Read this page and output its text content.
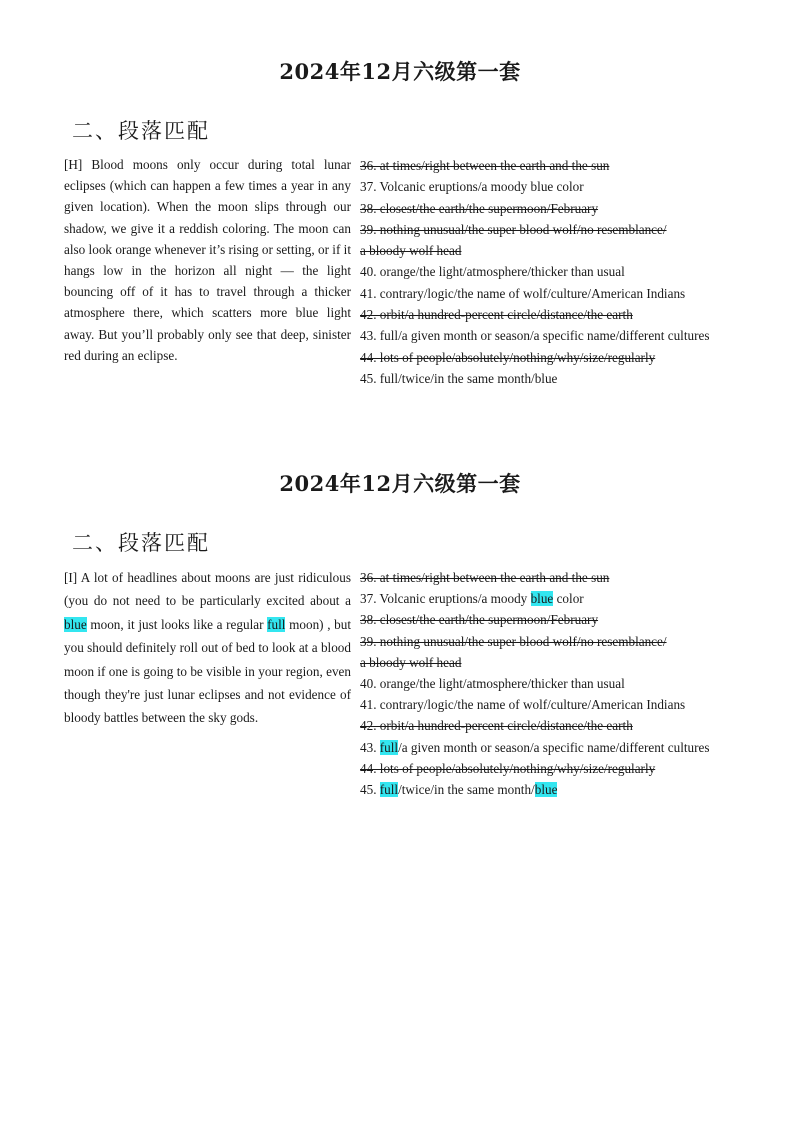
2024年12月六级第一套
二、段落匹配
[H] Blood moons only occur during total lunar eclipses (which can happen a few times a year in any given location). When the moon slips through our shadow, we give it a reddish coloring. The moon can also look orange whenever it’s rising or setting, or if it hangs low in the horizon all night — the light bouncing off of it has to travel through a thicker atmosphere there, which scatters more blue light away. But you’ll probably only see that deep, sinister red during an eclipse.
36. at times/right between the earth and the sun
37. Volcanic eruptions/a moody blue color
38. closest/the earth/the supermoon/February
39. nothing unusual/the super blood wolf/no resemblance/
a bloody wolf head
40. orange/the light/atmosphere/thicker than usual
41. contrary/logic/the name of wolf/culture/American Indians
42. orbit/a hundred-percent circle/distance/the earth
43. full/a given month or season/a specific name/different cultures
44. lots of people/absolutely/nothing/why/size/regularly
45. full/twice/in the same month/blue
2024年12月六级第一套
二、段落匹配
[I] A lot of headlines about moons are just ridiculous (you do not need to be particularly excited about a blue moon, it just looks like a regular full moon) , but you should definitely roll out of bed to look at a blood moon if one is going to be visible in your region, even though they're just lunar eclipses and not evidence of bloody battles between the sky gods.
36. at times/right between the earth and the sun
37. Volcanic eruptions/a moody blue color
38. closest/the earth/the supermoon/February
39. nothing unusual/the super blood wolf/no resemblance/
a bloody wolf head
40. orange/the light/atmosphere/thicker than usual
41. contrary/logic/the name of wolf/culture/American Indians
42. orbit/a hundred-percent circle/distance/the earth
43. full/a given month or season/a specific name/different cultures
44. lots of people/absolutely/nothing/why/size/regularly
45. full/twice/in the same month/blue
